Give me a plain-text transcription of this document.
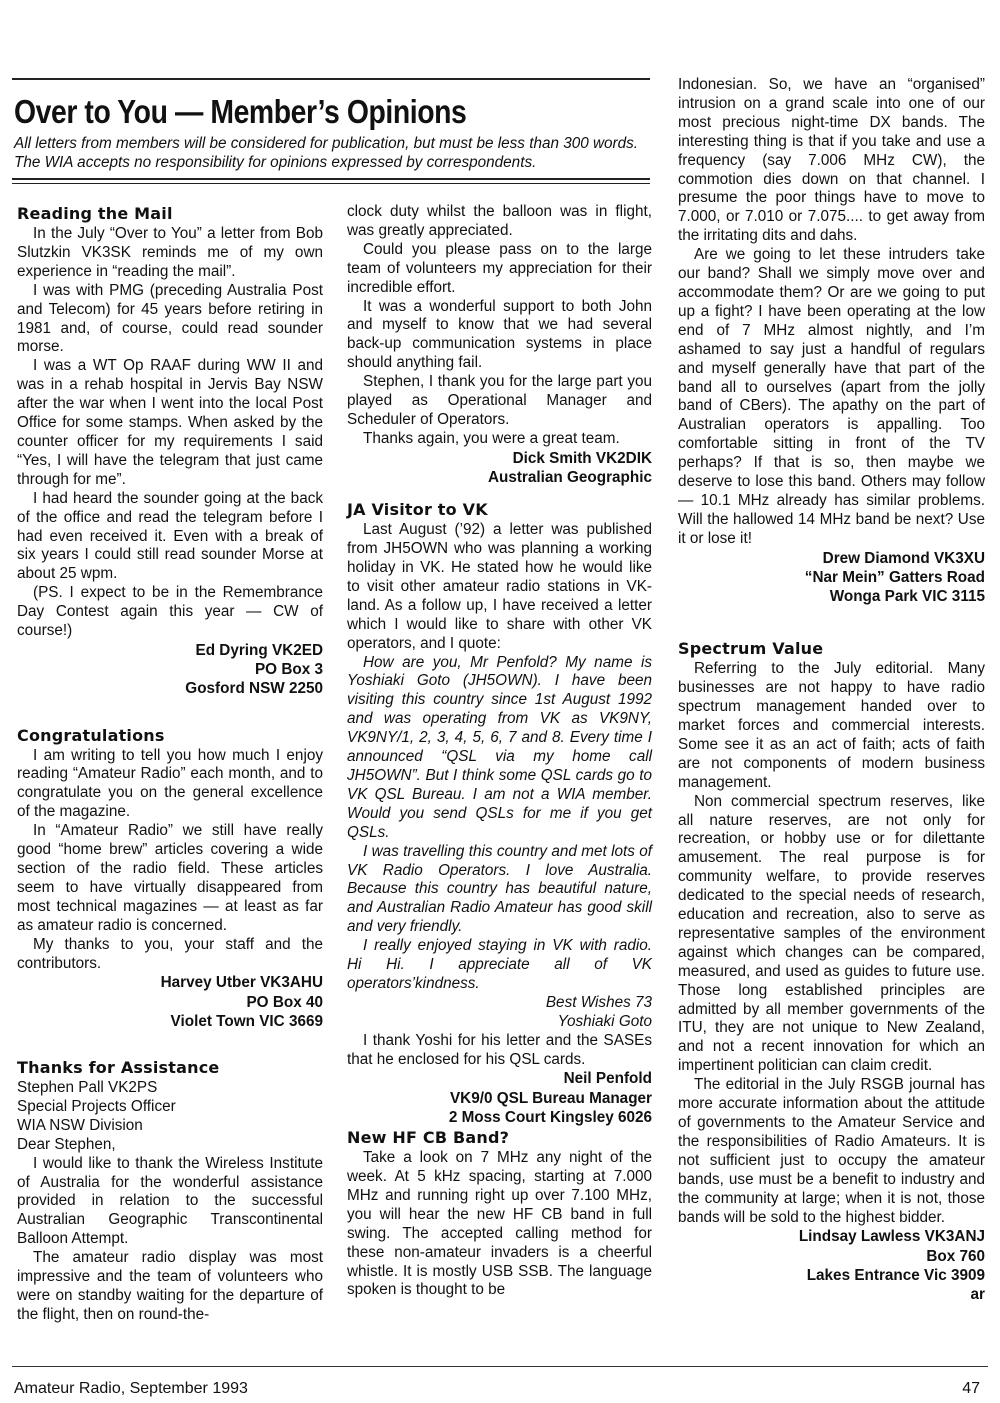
Over to You — Member’s Opinions

All letters from members will be considered for publication, but must be less than 300 words. The WIA accepts no responsibility for opinions expressed by correspondents.

Reading the Mail

In the July “Over to You” a letter from Bob Slutzkin VK3SK reminds me of my own experience in “reading the mail”.

I was with PMG (preceding Australia Post and Telecom) for 45 years before retiring in 1981 and, of course, could read sounder morse.

I was a WT Op RAAF during WW II and was in a rehab hospital in Jervis Bay NSW after the war when I went into the local Post Office for some stamps. When asked by the counter officer for my requirements I said “Yes, I will have the telegram that just came through for me”.

I had heard the sounder going at the back of the office and read the telegram before I had even received it. Even with a break of six years I could still read sounder Morse at about 25 wpm.

(PS. I expect to be in the Remembrance Day Contest again this year — CW of course!)

Ed Dyring VK2ED
PO Box 3
Gosford NSW 2250
Congratulations

I am writing to tell you how much I enjoy reading “Amateur Radio” each month, and to congratulate you on the general excellence of the magazine.

In “Amateur Radio” we still have really good “home brew” articles covering a wide section of the radio field. These articles seem to have virtually disappeared from most technical magazines — at least as far as amateur radio is concerned.

My thanks to you, your staff and the contributors.

Harvey Utber VK3AHU
PO Box 40
Violet Town VIC 3669
Thanks for Assistance

Stephen Pall VK2PS

Special Projects Officer

WIA NSW Division

Dear Stephen,

I would like to thank the Wireless Institute of Australia for the wonderful assistance provided in relation to the successful Australian Geographic Transcontinental Balloon Attempt.

The amateur radio display was most impressive and the team of volunteers who were on standby waiting for the departure of the flight, then on round-the-

clock duty whilst the balloon was in flight, was greatly appreciated.

Could you please pass on to the large team of volunteers my appreciation for their incredible effort.

It was a wonderful support to both John and myself to know that we had several back-up communication systems in place should anything fail.

Stephen, I thank you for the large part you played as Operational Manager and Scheduler of Operators.

Thanks again, you were a great team.

Dick Smith VK2DIK
Australian Geographic
JA Visitor to VK

Last August (’92) a letter was published from JH5OWN who was planning a working holiday in VK. He stated how he would like to visit other amateur radio stations in VK-land. As a follow up, I have received a letter which I would like to share with other VK operators, and I quote:

How are you, Mr Penfold? My name is Yoshiaki Goto (JH5OWN). I have been visiting this country since 1st August 1992 and was operating from VK as VK9NY, VK9NY/1, 2, 3, 4, 5, 6, 7 and 8. Every time I announced “QSL via my home call JH5OWN”. But I think some QSL cards go to VK QSL Bureau. I am not a WIA member. Would you send QSLs for me if you get QSLs.

I was travelling this country and met lots of VK Radio Operators. I love Australia. Because this country has beautiful nature, and Australian Radio Amateur has good skill and very friendly.

I really enjoyed staying in VK with radio. Hi Hi. I appreciate all of VK operators’kindness.

Best Wishes 73

Yoshiaki Goto

I thank Yoshi for his letter and the SASEs that he enclosed for his QSL cards.

Neil Penfold
VK9/0 QSL Bureau Manager
2 Moss Court Kingsley 6026
New HF CB Band?

Take a look on 7 MHz any night of the week. At 5 kHz spacing, starting at 7.000 MHz and running right up over 7.100 MHz, you will hear the new HF CB band in full swing. The accepted calling method for these non-amateur invaders is a cheerful whistle. It is mostly USB SSB. The language spoken is thought to be

Indonesian. So, we have an “organised” intrusion on a grand scale into one of our most precious night-time DX bands. The interesting thing is that if you take and use a frequency (say 7.006 MHz CW), the commotion dies down on that channel. I presume the poor things have to move to 7.000, or 7.010 or 7.075.... to get away from the irritating dits and dahs.

Are we going to let these intruders take our band? Shall we simply move over and accommodate them? Or are we going to put up a fight? I have been operating at the low end of 7 MHz almost nightly, and I’m ashamed to say just a handful of regulars and myself generally have that part of the band all to ourselves (apart from the jolly band of CBers). The apathy on the part of Australian operators is appalling. Too comfortable sitting in front of the TV perhaps? If that is so, then maybe we deserve to lose this band. Others may follow — 10.1 MHz already has similar problems. Will the hallowed 14 MHz band be next? Use it or lose it!

Drew Diamond VK3XU
“Nar Mein” Gatters Road
Wonga Park VIC 3115
Spectrum Value

Referring to the July editorial. Many businesses are not happy to have radio spectrum management handed over to market forces and commercial interests. Some see it as an act of faith; acts of faith are not components of modern business management.

Non commercial spectrum reserves, like all nature reserves, are not only for recreation, or hobby use or for dilettante amusement. The real purpose is for community welfare, to provide reserves dedicated to the special needs of research, education and recreation, also to serve as representative samples of the environment against which changes can be compared, measured, and used as guides to future use. Those long established principles are admitted by all member governments of the ITU, they are not unique to New Zealand, and not a recent innovation for which an impertinent politician can claim credit.

The editorial in the July RSGB journal has more accurate information about the attitude of governments to the Amateur Service and the responsibilities of Radio Amateurs. It is not sufficient just to occupy the amateur bands, use must be a benefit to industry and the community at large; when it is not, those bands will be sold to the highest bidder.

Lindsay Lawless VK3ANJ
Box 760
Lakes Entrance Vic 3909
ar
Amateur Radio, September 1993	47
